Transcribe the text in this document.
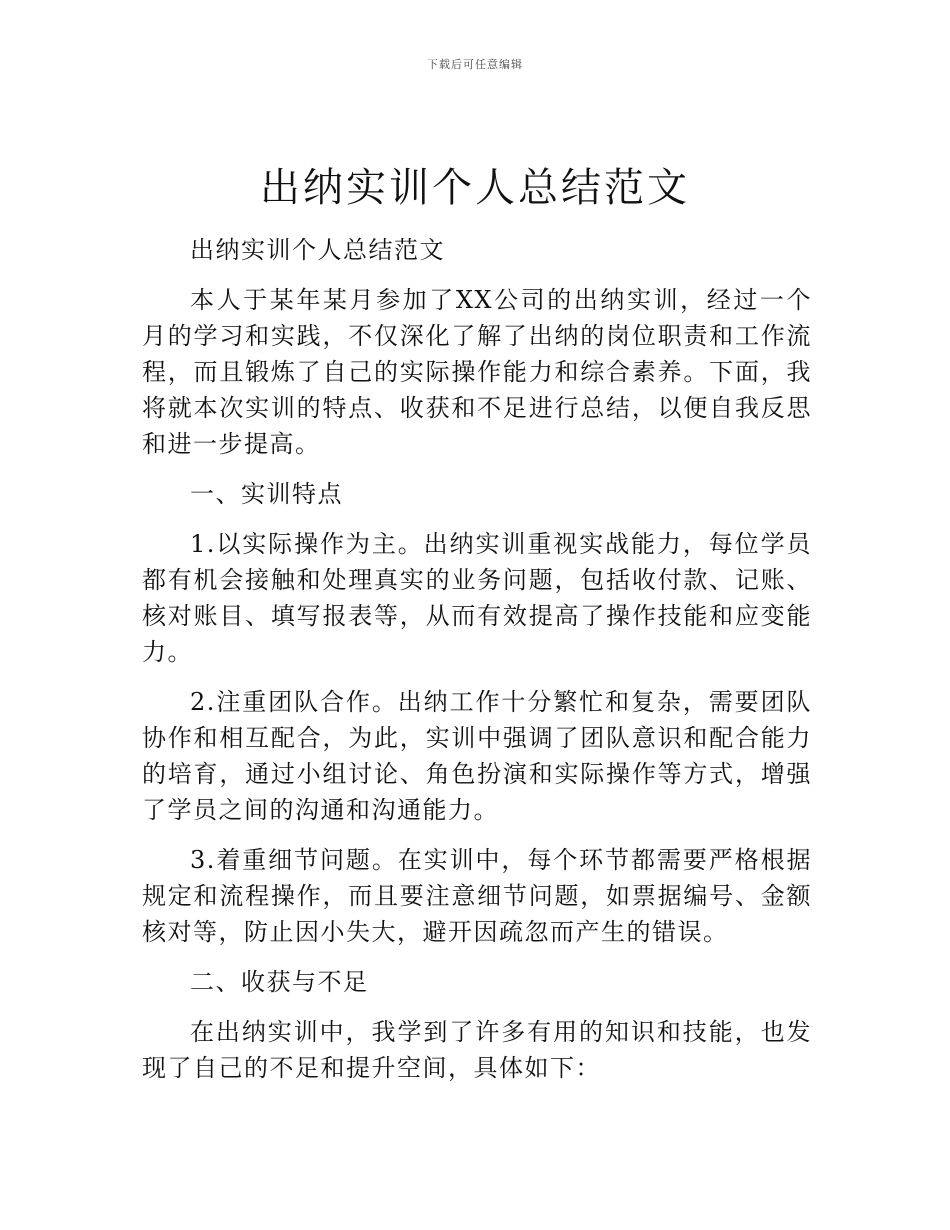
下载后可任意编辑
出纳实训个人总结范文

出纳实训个人总结范文

本人于某年某月参加了XX公司的出纳实训，经过一个月的学习和实践，不仅深化了解了出纳的岗位职责和工作流程，而且锻炼了自己的实际操作能力和综合素养。下面，我将就本次实训的特点、收获和不足进行总结，以便自我反思和进一步提高。

一、实训特点

1.以实际操作为主。出纳实训重视实战能力，每位学员都有机会接触和处理真实的业务问题，包括收付款、记账、核对账目、填写报表等，从而有效提高了操作技能和应变能力。

2.注重团队合作。出纳工作十分繁忙和复杂，需要团队协作和相互配合，为此，实训中强调了团队意识和配合能力的培育，通过小组讨论、角色扮演和实际操作等方式，增强了学员之间的沟通和沟通能力。

3.着重细节问题。在实训中，每个环节都需要严格根据规定和流程操作，而且要注意细节问题，如票据编号、金额核对等，防止因小失大，避开因疏忽而产生的错误。

二、收获与不足

在出纳实训中，我学到了许多有用的知识和技能，也发现了自己的不足和提升空间，具体如下：
